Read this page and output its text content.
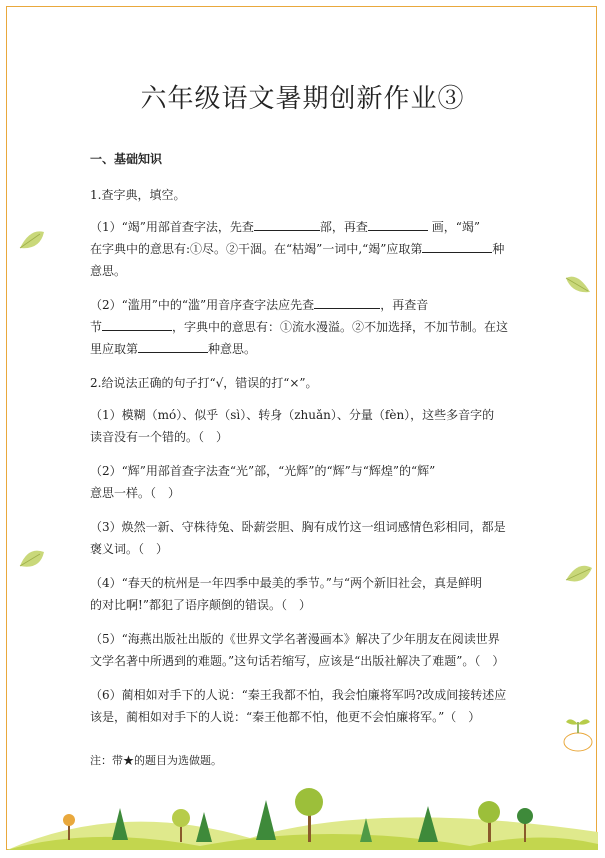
六年级语文暑期创新作业③
一、基础知识
1.查字典，填空。
（1）“竭”用部首查字法，先查	部，再查	画，“竭”
在字典中的意思有:①尽。②干涸。在“枯竭”一词中,“竭”应取第	种
意思。
（2）“滥用”中的“滥”用音序查字法应先查	，再查音
节	，字典中的意思有：①流水漫溢。②不加选择，不加节制。在这
里应取第	种意思。
2.给说法正确的句子打“√，错误的打“×”。
（1）模糊（mó）、似乎（sì）、转身（zhuǎn）、分量（fèn），这些多音字的
读音没有一个错的。（　）
（2）“辉”用部首查字法查“光”部，“光辉”的“辉”与“辉煌”的“辉”
意思一样。（　）
（3）焕然一新、守株待兔、卧薪尝胆、胸有成竹这一组词感情色彩相同，都是
褒义词。（　）
（4）“春天的杭州是一年四季中最美的季节。”与“两个新旧社会，真是鲜明
的对比啊!”都犯了语序颠倒的错误。（　）
（5）“海燕出版社出版的《世界文学名著漫画本》解决了少年朋友在阅读世界
文学名著中所遇到的难题。”这句话若缩写，应该是“出版社解决了难题”。（　）
（6）蔺相如对手下的人说：“秦王我都不怕，我会怕廉将军吗?改成间接转述应
该是，蔺相如对手下的人说：“秦王他都不怕，他更不会怕廉将军。”（　）
注：带★的题目为选做题。
